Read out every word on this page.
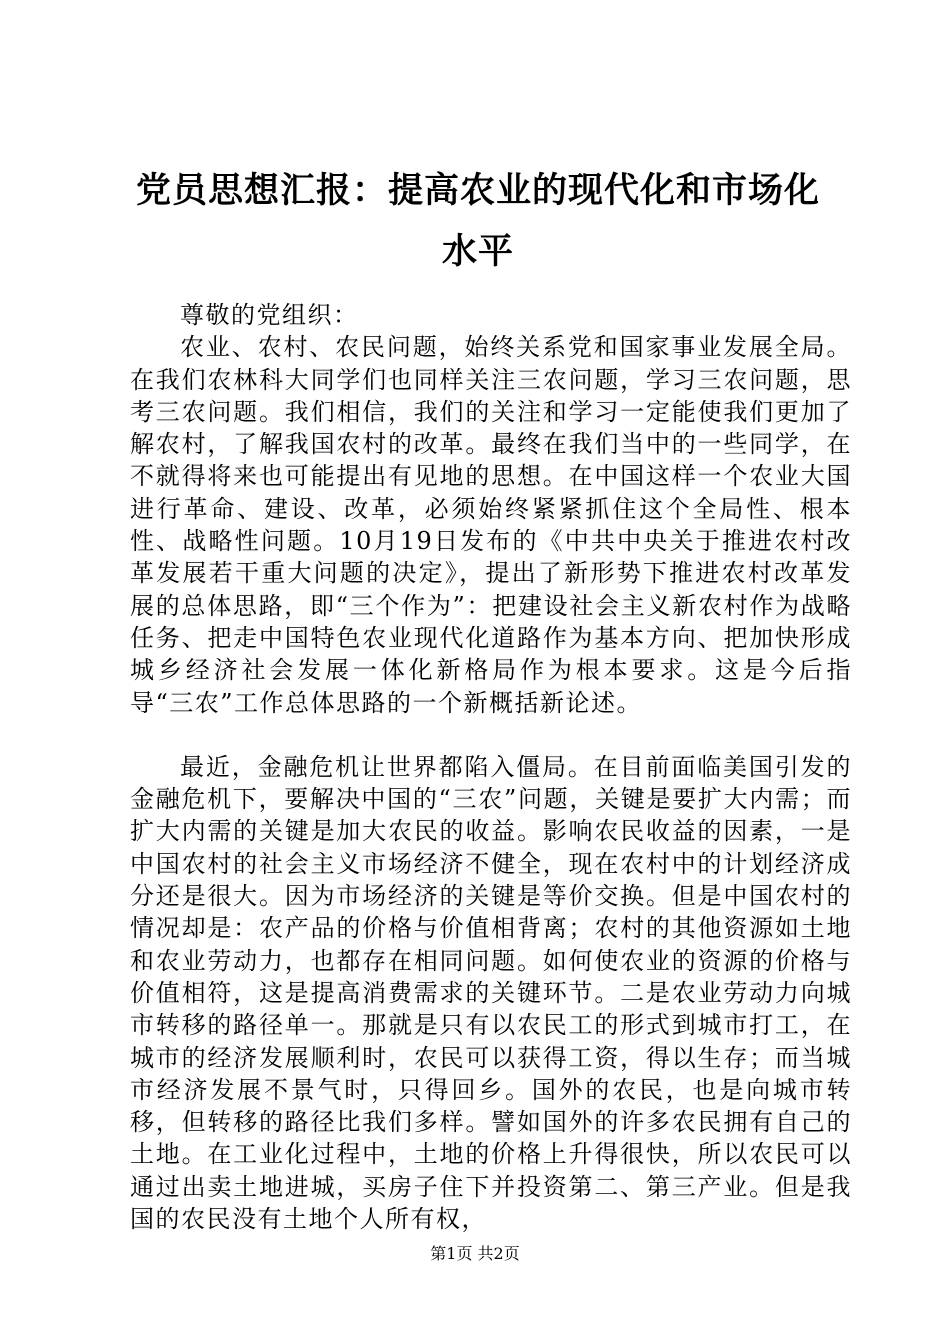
党员思想汇报：提高农业的现代化和市场化水平

尊敬的党组织：

农业、农村、农民问题，始终关系党和国家事业发展全局。在我们农林科大同学们也同样关注三农问题，学习三农问题，思考三农问题。我们相信，我们的关注和学习一定能使我们更加了解农村，了解我国农村的改革。最终在我们当中的一些同学，在不就得将来也可能提出有见地的思想。在中国这样一个农业大国进行革命、建设、改革，必须始终紧紧抓住这个全局性、根本性、战略性问题。10月19日发布的《中共中央关于推进农村改革发展若干重大问题的决定》，提出了新形势下推进农村改革发展的总体思路，即“三个作为”：把建设社会主义新农村作为战略任务、把走中国特色农业现代化道路作为基本方向、把加快形成城乡经济社会发展一体化新格局作为根本要求。这是今后指导“三农”工作总体思路的一个新概括新论述。

最近，金融危机让世界都陷入僵局。在目前面临美国引发的金融危机下，要解决中国的“三农”问题，关键是要扩大内需；而扩大内需的关键是加大农民的收益。影响农民收益的因素，一是中国农村的社会主义市场经济不健全，现在农村中的计划经济成分还是很大。因为市场经济的关键是等价交换。但是中国农村的情况却是：农产品的价格与价值相背离；农村的其他资源如土地和农业劳动力，也都存在相同问题。如何使农业的资源的价格与价值相符，这是提高消费需求的关键环节。二是农业劳动力向城市转移的路径单一。那就是只有以农民工的形式到城市打工，在城市的经济发展顺利时，农民可以获得工资，得以生存；而当城市经济发展不景气时，只得回乡。国外的农民，也是向城市转移，但转移的路径比我们多样。譬如国外的许多农民拥有自己的土地。在工业化过程中，土地的价格上升得很快，所以农民可以通过出卖土地进城，买房子住下并投资第二、第三产业。但是我国的农民没有土地个人所有权，

第1页 共2页
